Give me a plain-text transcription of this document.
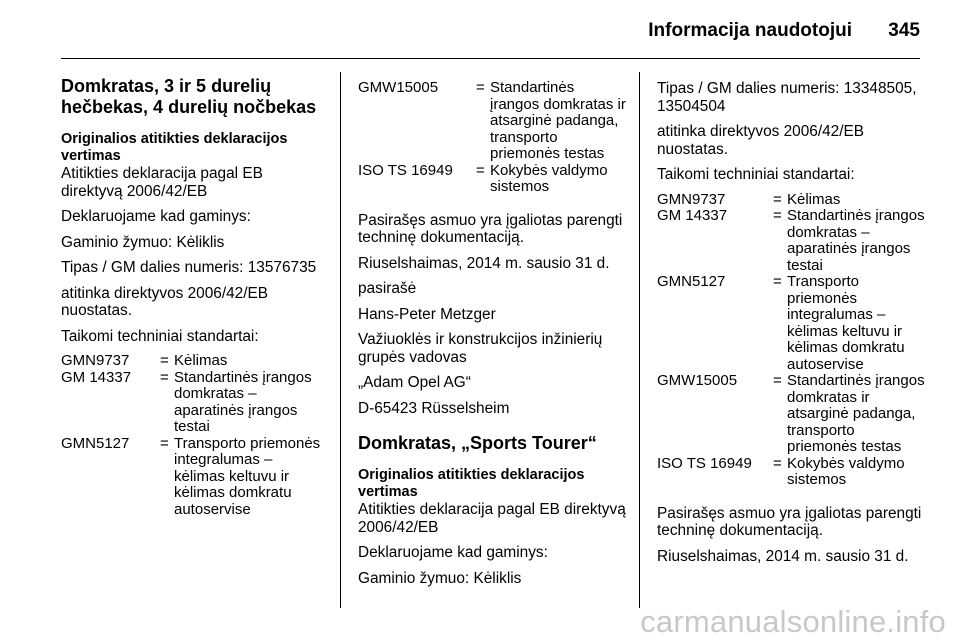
Informacija naudotojui 345
Domkratas, 3 ir 5 durelių hečbekas, 4 durelių nočbekas
Originalios atitikties deklaracijos vertimas
Atitikties deklaracija pagal EB direktyvą 2006/42/EB
Deklaruojame kad gaminys:
Gaminio žymuo: Kėliklis
Tipas / GM dalies numeris: 13576735
atitinka direktyvos 2006/42/EB nuostatas.
Taikomi techniniai standartai:
GMN9737	=	Kėlimas
GM 14337	=	Standartinės įrangos domkratas – aparatinės įrangos testai
GMN5127	=	Transporto priemonės integralumas – kėlimas keltuvu ir kėlimas domkratu autoservise
GMW15005	=	Standartinės įrangos domkratas ir atsarginė padanga, transporto priemonės testas
ISO TS 16949	=	Kokybės valdymo sistemos
Pasirašęs asmuo yra įgaliotas parengti techninę dokumentaciją.
Riuselshaimas, 2014 m. sausio 31 d.
pasirašė
Hans-Peter Metzger
Važiuoklės ir konstrukcijos inžinierių grupės vadovas
„Adam Opel AG“
D-65423 Rüsselsheim
Domkratas, „Sports Tourer“
Originalios atitikties deklaracijos vertimas
Atitikties deklaracija pagal EB direktyvą 2006/42/EB
Deklaruojame kad gaminys:
Gaminio žymuo: Kėliklis
Tipas / GM dalies numeris: 13348505, 13504504
atitinka direktyvos 2006/42/EB nuostatas.
Taikomi techniniai standartai:
GMN9737	=	Kėlimas
GM 14337	=	Standartinės įrangos domkratas – aparatinės įrangos testai
GMN5127	=	Transporto priemonės integralumas – kėlimas keltuvu ir kėlimas domkratu autoservise
GMW15005	=	Standartinės įrangos domkratas ir atsarginė padanga, transporto priemonės testas
ISO TS 16949	=	Kokybės valdymo sistemos
Pasirašęs asmuo yra įgaliotas parengti techninę dokumentaciją.
Riuselshaimas, 2014 m. sausio 31 d.
carmanualsonline.info
